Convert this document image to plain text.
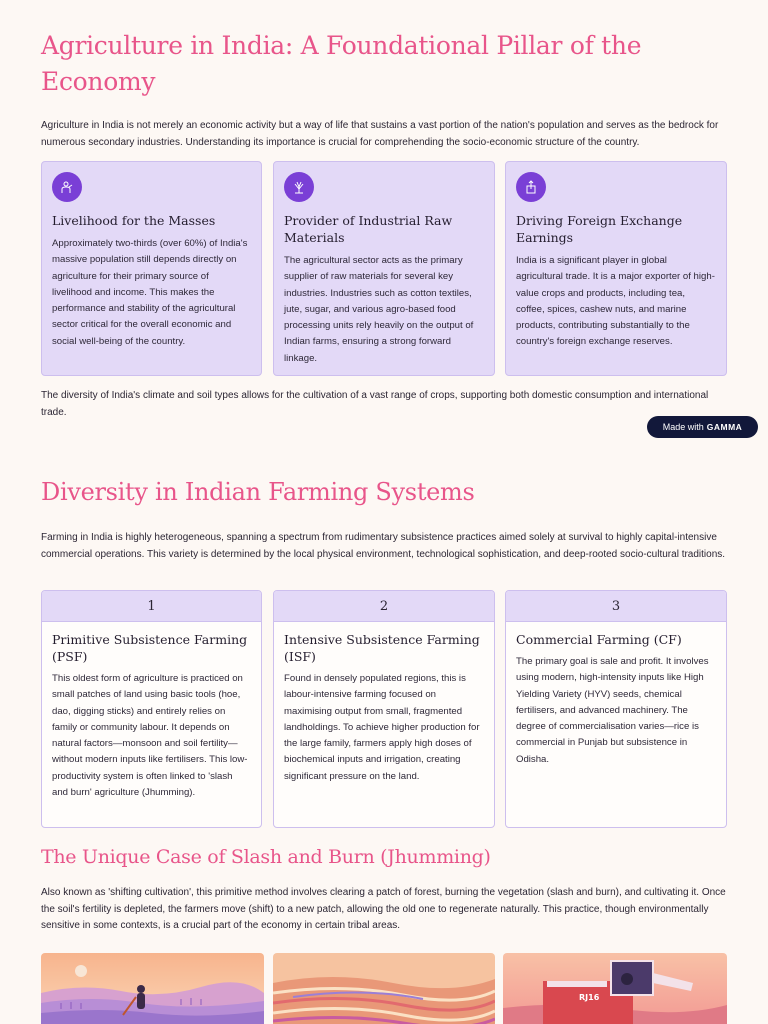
Agriculture in India: A Foundational Pillar of the Economy

Agriculture in India is not merely an economic activity but a way of life that sustains a vast portion of the nation's population and serves as the bedrock for numerous secondary industries. Understanding its importance is crucial for comprehending the socio-economic structure of the country.

Livelihood for the Masses

Approximately two-thirds (over 60%) of India's massive population still depends directly on agriculture for their primary source of livelihood and income. This makes the performance and stability of the agricultural sector critical for the overall economic and social well-being of the country.

Provider of Industrial Raw Materials

The agricultural sector acts as the primary supplier of raw materials for several key industries. Industries such as cotton textiles, jute, sugar, and various agro-based food processing units rely heavily on the output of Indian farms, ensuring a strong forward linkage.

Driving Foreign Exchange Earnings

India is a significant player in global agricultural trade. It is a major exporter of high-value crops and products, including tea, coffee, spices, cashew nuts, and marine products, contributing substantially to the country's foreign exchange reserves.

The diversity of India's climate and soil types allows for the cultivation of a vast range of crops, supporting both domestic consumption and international trade.

Made with GAMMA
Diversity in Indian Farming Systems

Farming in India is highly heterogeneous, spanning a spectrum from rudimentary subsistence practices aimed solely at survival to highly capital-intensive commercial operations. This variety is determined by the local physical environment, technological sophistication, and deep-rooted socio-cultural traditions.

1
Primitive Subsistence Farming (PSF)

This oldest form of agriculture is practiced on small patches of land using basic tools (hoe, dao, digging sticks) and entirely relies on family or community labour. It depends on natural factors—monsoon and soil fertility—without modern inputs like fertilisers. This low-productivity system is often linked to 'slash and burn' agriculture (Jhumming).

2
Intensive Subsistence Farming (ISF)

Found in densely populated regions, this is labour-intensive farming focused on maximising output from small, fragmented landholdings. To achieve higher production for the large family, farmers apply high doses of biochemical inputs and irrigation, creating significant pressure on the land.

3
Commercial Farming (CF)

The primary goal is sale and profit. It involves using modern, high-intensity inputs like High Yielding Variety (HYV) seeds, chemical fertilisers, and advanced machinery. The degree of commercialisation varies—rice is commercial in Punjab but subsistence in Odisha.

The Unique Case of Slash and Burn (Jhumming)

Also known as 'shifting cultivation', this primitive method involves clearing a patch of forest, burning the vegetation (slash and burn), and cultivating it. Once the soil's fertility is depleted, the farmers move (shift) to a new patch, allowing the old one to regenerate naturally. This practice, though environmentally sensitive in some contexts, is a crucial part of the economy in certain tribal areas.

RJ16
